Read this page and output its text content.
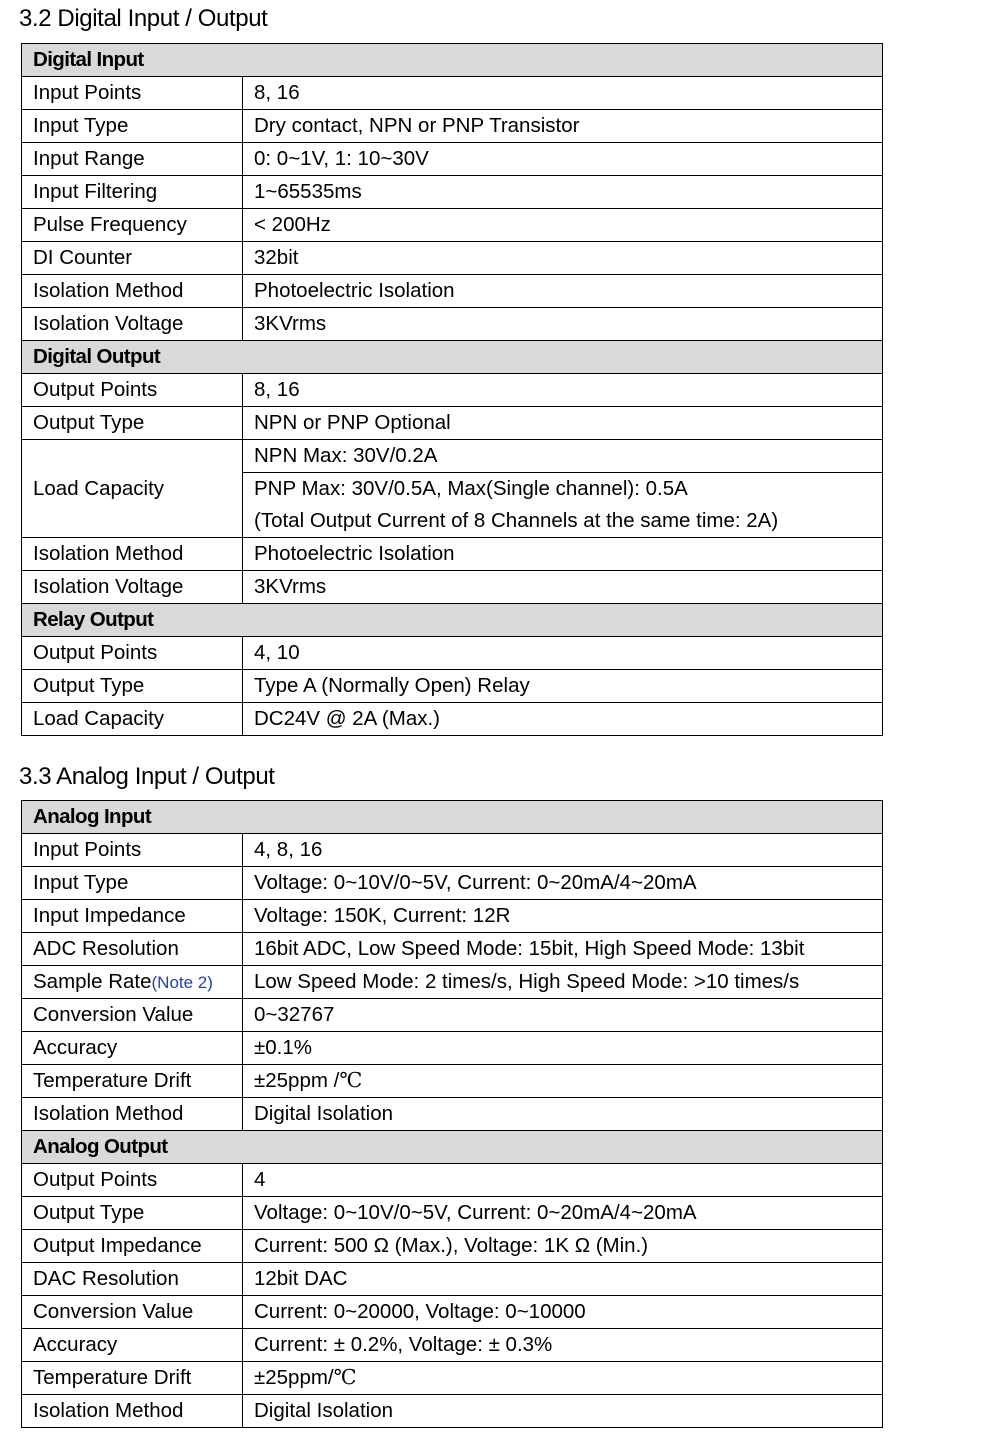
3.2 Digital Input / Output
Digital Input	
Input Points	8, 16
Input Type	Dry contact, NPN or PNP Transistor
Input Range	0: 0~1V, 1: 10~30V
Input Filtering	1~65535ms
Pulse Frequency	< 200Hz
DI Counter	32bit
Isolation Method	Photoelectric Isolation
Isolation Voltage	3KVrms
Digital Output	
Output Points	8, 16
Output Type	NPN or PNP Optional
Load Capacity	NPN Max: 30V/0.2A
	PNP Max: 30V/0.5A, Max(Single channel): 0.5A
(Total Output Current of 8 Channels at the same time: 2A)
Isolation Method	Photoelectric Isolation
Isolation Voltage	3KVrms
Relay Output	
Output Points	4, 10
Output Type	Type A (Normally Open) Relay
Load Capacity	DC24V @ 2A (Max.)
3.3 Analog Input / Output
Analog Input	
Input Points	4, 8, 16
Input Type	Voltage: 0~10V/0~5V, Current: 0~20mA/4~20mA
Input Impedance	Voltage: 150K, Current: 12R
ADC Resolution	16bit ADC, Low Speed Mode: 15bit, High Speed Mode: 13bit
Sample Rate(Note 2)	Low Speed Mode: 2 times/s, High Speed Mode: >10 times/s
Conversion Value	0~32767
Accuracy	±0.1%
Temperature Drift	±25ppm /℃
Isolation Method	Digital Isolation
Analog Output	
Output Points	4
Output Type	Voltage: 0~10V/0~5V, Current: 0~20mA/4~20mA
Output Impedance	Current: 500 Ω (Max.), Voltage: 1K Ω (Min.)
DAC Resolution	12bit DAC
Conversion Value	Current: 0~20000, Voltage: 0~10000
Accuracy	Current: ± 0.2%, Voltage: ± 0.3%
Temperature Drift	±25ppm/℃
Isolation Method	Digital Isolation
